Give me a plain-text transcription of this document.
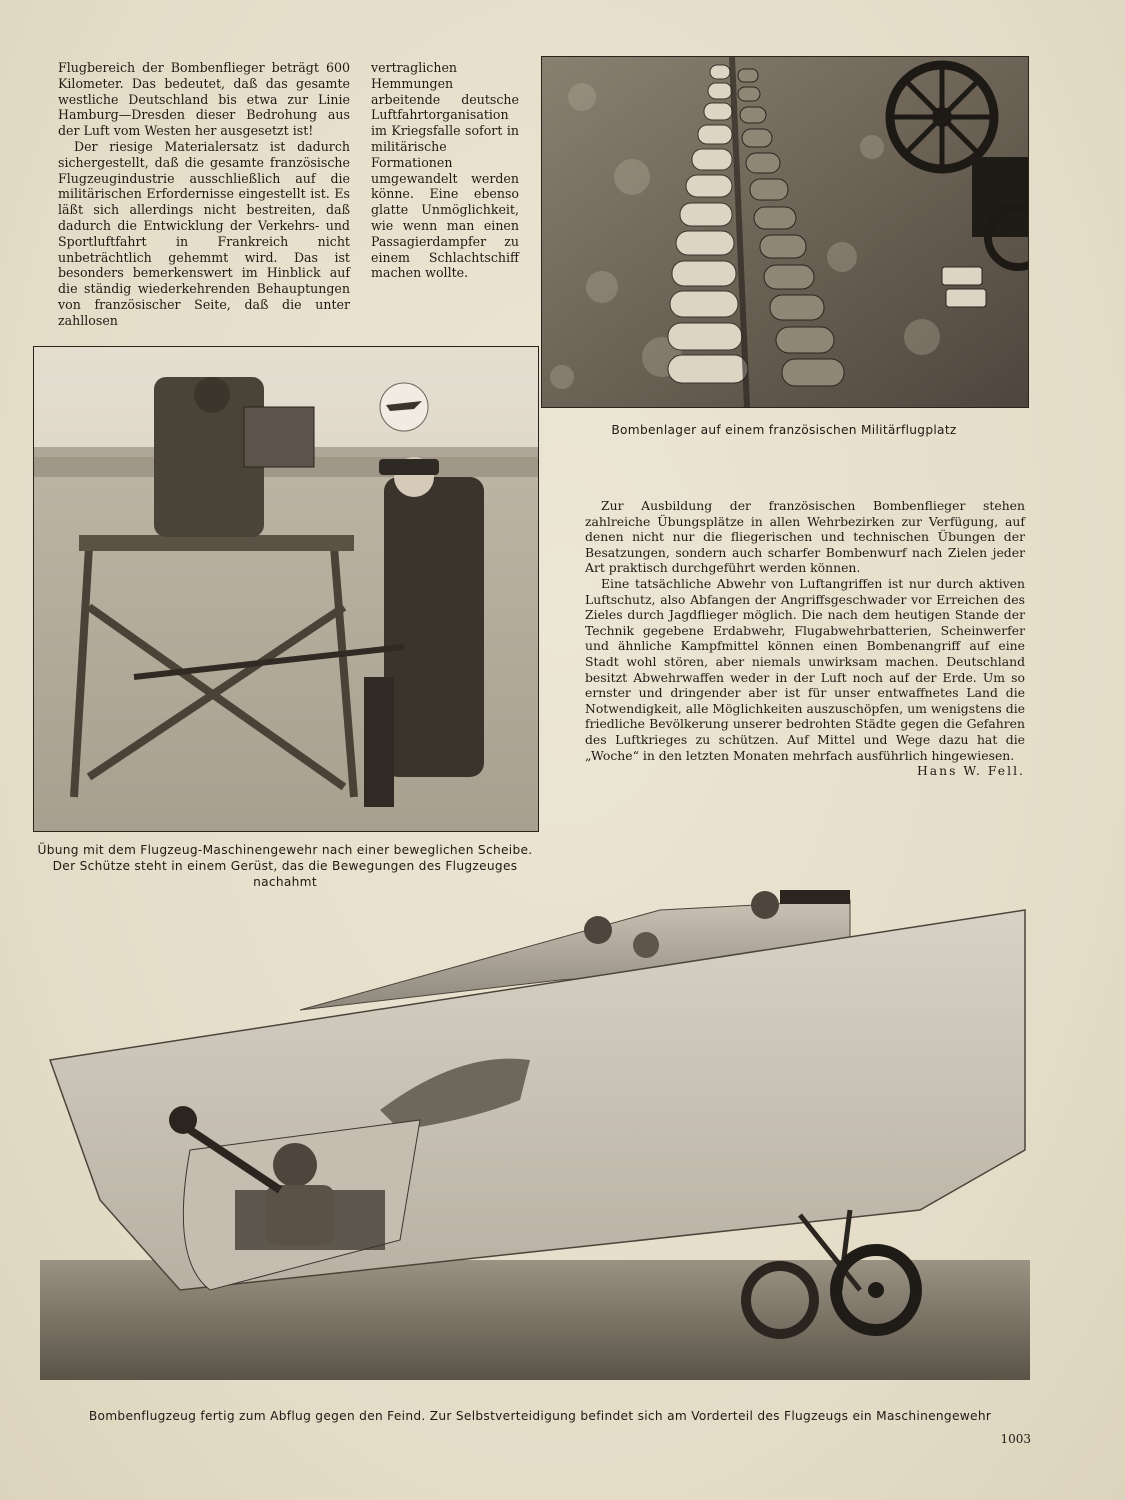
Flugbereich der Bombenflieger beträgt 600 Kilometer. Das bedeutet, daß das gesamte westliche Deutschland bis etwa zur Linie Hamburg—Dresden dieser Bedrohung aus der Luft vom Westen her ausgesetzt ist!

Der riesige Materialersatz ist dadurch sichergestellt, daß die gesamte französische Flugzeugindustrie ausschließlich auf die militärischen Erfordernisse eingestellt ist. Es läßt sich allerdings nicht bestreiten, daß dadurch die Entwicklung der Verkehrs- und Sportluftfahrt in Frankreich nicht unbeträchtlich gehemmt wird. Das ist besonders bemerkenswert im Hinblick auf die ständig wiederkehrenden Behauptungen von französischer Seite, daß die unter zahllosen

vertraglichen Hemmungen arbeitende deutsche Luftfahrtorganisation im Kriegsfalle sofort in militärische Formationen umgewandelt werden könne. Eine ebenso glatte Unmöglichkeit, wie wenn man einen Passagierdampfer zu einem Schlachtschiff machen wollte.

Bombenlager auf einem französischen Militärflugplatz
Übung mit dem Flugzeug-Maschinengewehr nach einer beweglichen Scheibe. Der Schütze steht in einem Gerüst, das die Bewegungen des Flugzeuges nachahmt

Zur Ausbildung der französischen Bombenflieger stehen zahlreiche Übungsplätze in allen Wehrbezirken zur Verfügung, auf denen nicht nur die fliegerischen und technischen Übungen der Besatzungen, sondern auch scharfer Bombenwurf nach Zielen jeder Art praktisch durchgeführt werden können.

Eine tatsächliche Abwehr von Luftangriffen ist nur durch aktiven Luftschutz, also Abfangen der Angriffsgeschwader vor Erreichen des Zieles durch Jagdflieger möglich. Die nach dem heutigen Stande der Technik gegebene Erdabwehr, Flugabwehrbatterien, Scheinwerfer und ähnliche Kampfmittel können einen Bombenangriff auf eine Stadt wohl stören, aber niemals unwirksam machen. Deutschland besitzt Abwehrwaffen weder in der Luft noch auf der Erde. Um so ernster und dringender aber ist für unser entwaffnetes Land die Notwendigkeit, alle Möglichkeiten auszuschöpfen, um wenigstens die friedliche Bevölkerung unserer bedrohten Städte gegen die Gefahren des Luftkrieges zu schützen. Auf Mittel und Wege dazu hat die „Woche“ in den letzten Monaten mehrfach ausführlich hingewiesen.

Hans W. Fell.

Bombenflugzeug fertig zum Abflug gegen den Feind. Zur Selbstverteidigung befindet sich am Vorderteil des Flugzeugs ein Maschinengewehr
1003
